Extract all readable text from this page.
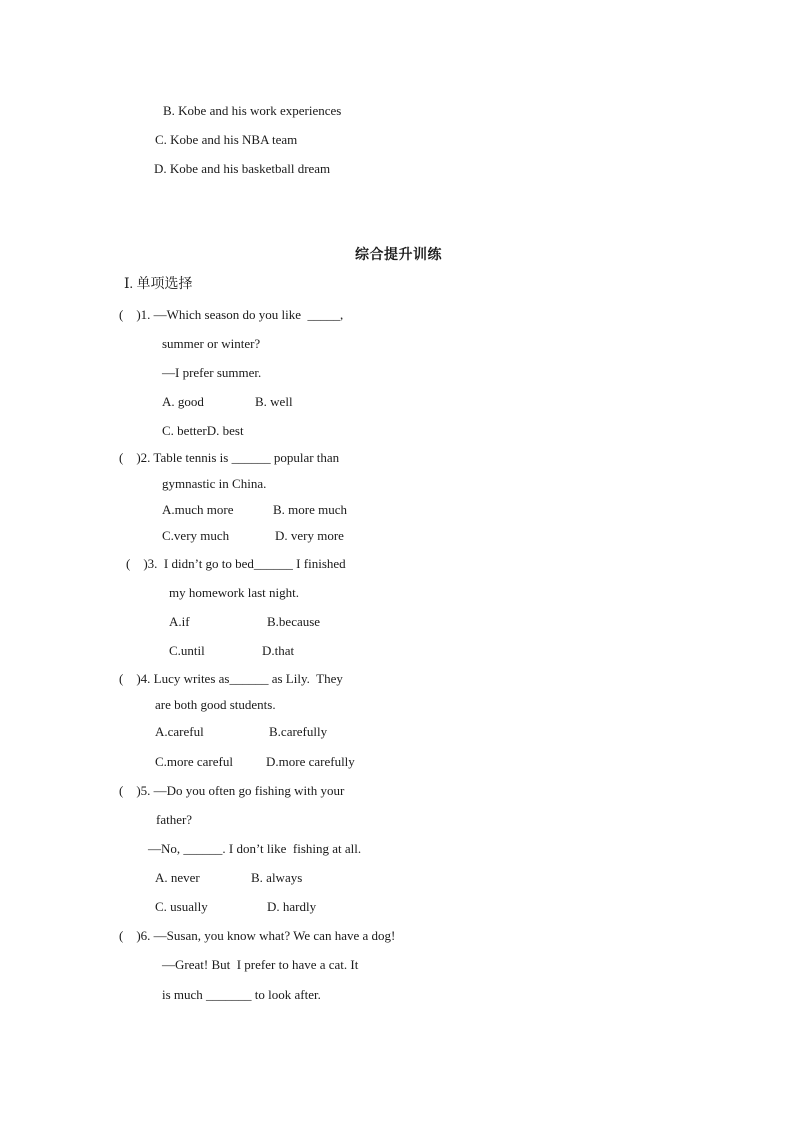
B. Kobe and his work experiences
C. Kobe and his NBA team
D. Kobe and his basketball dream
综合提升训练
Ⅰ. 单项选择
(    )1. —Which season do you like  _____,
summer or winter?
—I prefer summer.
A. good	B. well
C. betterD. best
(    )2. Table tennis is ______ popular than
gymnastic in China.
A.much more	B. more much
C.very much	D. very more
(    )3.  I didn’t go to bed______ I finished
my homework last night.
A.if	B.because
C.until	D.that
(    )4. Lucy writes as______ as Lily.  They
are both good students.
A.careful	B.carefully
C.more careful	D.more carefully
(    )5. —Do you often go fishing with your
father?
—No, ______. I don’t like  fishing at all.
A. never	B. always
C. usually	D. hardly
(    )6. —Susan, you know what? We can have a dog!
—Great! But  I prefer to have a cat. It
is much _______ to look after.
